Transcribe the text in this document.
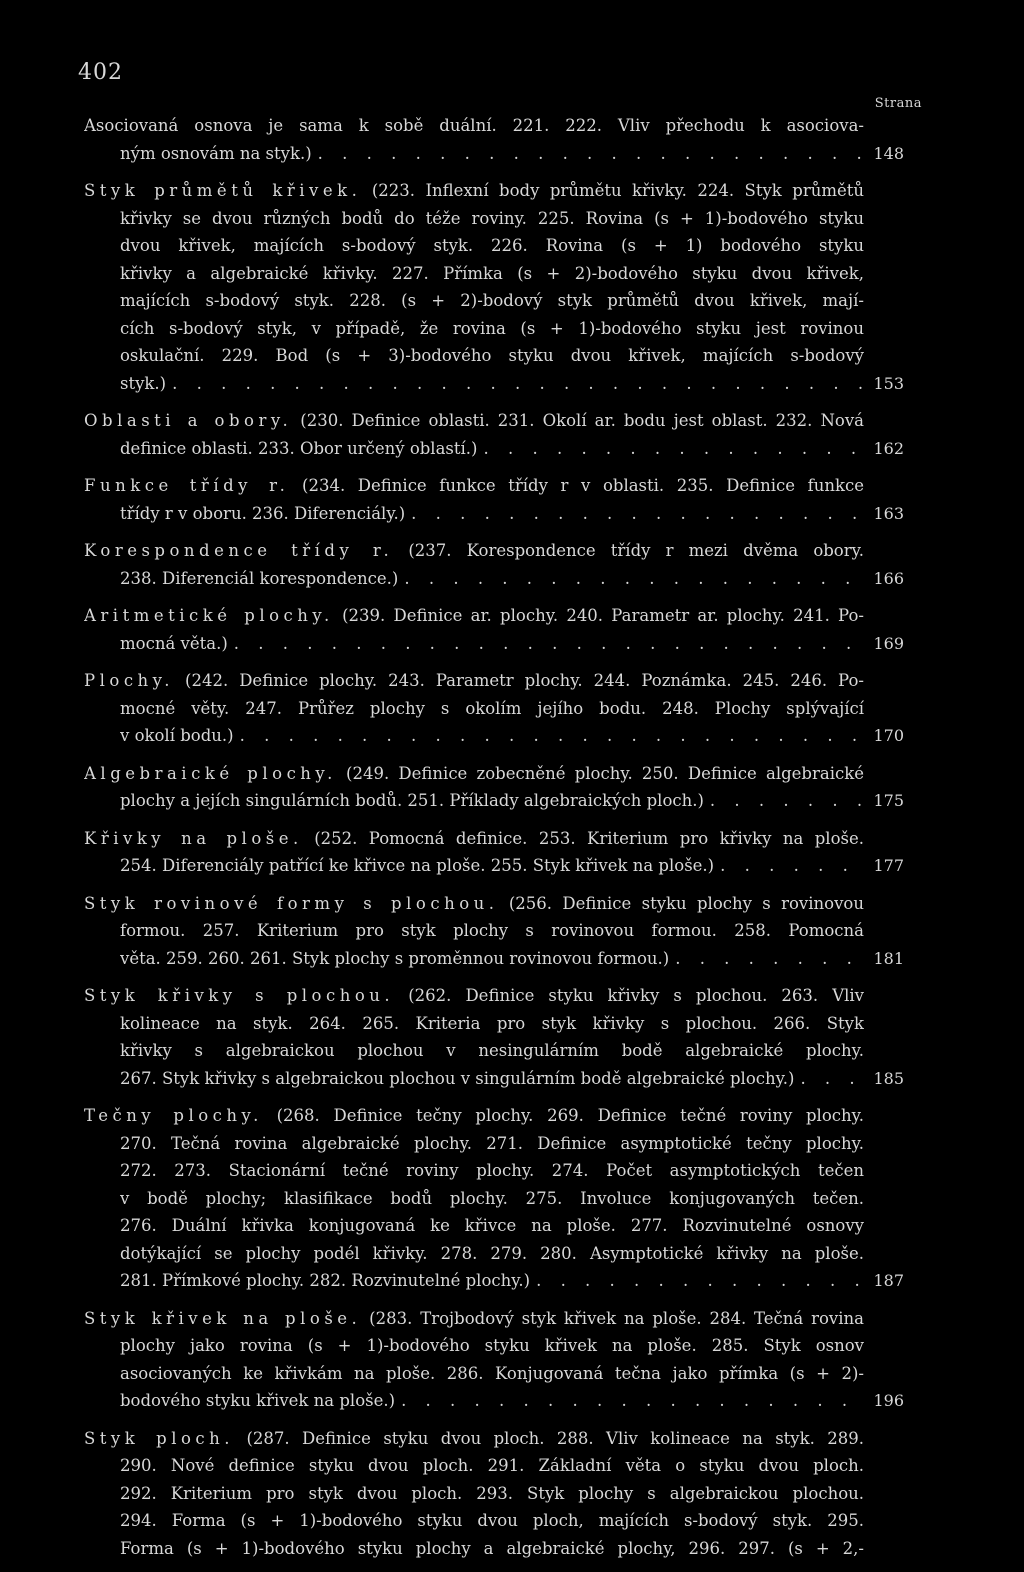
402
Strana
Asociovaná osnova je sama k sobě duální. 221. 222. Vliv přechodu k asociova-
ným osnovám na styk.) . . .	148
Styk průmětů křivek. (223. Inflexní body průmětu křivky. 224. Styk průmětů
křivky se dvou různých bodů do téže roviny. 225. Rovina (s + 1)-bodového styku
dvou křivek, majících s-bodový styk. 226. Rovina (s + 1) bodového styku
křivky a algebraické křivky. 227. Přímka (s + 2)-bodového styku dvou křivek,
majících s-bodový styk. 228. (s + 2)-bodový styk průmětů dvou křivek, mají-
cích s-bodový styk, v případě, že rovina (s + 1)-bodového styku jest rovinou
oskulační. 229. Bod (s + 3)-bodového styku dvou křivek, majících s-bodový
styk.) . . .	153
Oblasti a obory. (230. Definice oblasti. 231. Okolí ar. bodu jest oblast. 232. Nová
definice oblasti. 233. Obor určený oblastí.) . . .	162
Funkce třídy r. (234. Definice funkce třídy r v oblasti. 235. Definice funkce
třídy r v oboru. 236. Diferenciály.) . . .	163
Korespondence třídy r. (237. Korespondence třídy r mezi dvěma obory.
238. Diferenciál korespondence.) . . .	166
Aritmetické plochy. (239. Definice ar. plochy. 240. Parametr ar. plochy. 241. Po-
mocná věta.) . . .	169
Plochy. (242. Definice plochy. 243. Parametr plochy. 244. Poznámka. 245. 246. Po-
mocné věty. 247. Průřez plochy s okolím jejího bodu. 248. Plochy splývající
v okolí bodu.) . . .	170
Algebraické plochy. (249. Definice zobecněné plochy. 250. Definice algebraické
plochy a jejích singulárních bodů. 251. Příklady algebraických ploch.) . . .	175
Křivky na ploše. (252. Pomocná definice. 253. Kriterium pro křivky na ploše.
254. Diferenciály patřící ke křivce na ploše. 255. Styk křivek na ploše.) . . .	177
Styk rovinové formy s plochou. (256. Definice styku plochy s rovinovou
formou. 257. Kriterium pro styk plochy s rovinovou formou. 258. Pomocná
věta. 259. 260. 261. Styk plochy s proměnnou rovinovou formou.) . . .	181
Styk křivky s plochou. (262. Definice styku křivky s plochou. 263. Vliv
kolineace na styk. 264. 265. Kriteria pro styk křivky s plochou. 266. Styk
křivky s algebraickou plochou v nesingulárním bodě algebraické plochy.
267. Styk křivky s algebraickou plochou v singulárním bodě algebraické plochy.) . . .	185
Tečny plochy. (268. Definice tečny plochy. 269. Definice tečné roviny plochy.
270. Tečná rovina algebraické plochy. 271. Definice asymptotické tečny plochy.
272. 273. Stacionární tečné roviny plochy. 274. Počet asymptotických tečen
v bodě plochy; klasifikace bodů plochy. 275. Involuce konjugovaných tečen.
276. Duální křivka konjugovaná ke křivce na ploše. 277. Rozvinutelné osnovy
dotýkající se plochy podél křivky. 278. 279. 280. Asymptotické křivky na ploše.
281. Přímkové plochy. 282. Rozvinutelné plochy.) . . .	187
Styk křivek na ploše. (283. Trojbodový styk křivek na ploše. 284. Tečná rovina
plochy jako rovina (s + 1)-bodového styku křivek na ploše. 285. Styk osnov
asociovaných ke křivkám na ploše. 286. Konjugovaná tečna jako přímka (s + 2)-
bodového styku křivek na ploše.) . . .	196
Styk ploch. (287. Definice styku dvou ploch. 288. Vliv kolineace na styk. 289.
290. Nové definice styku dvou ploch. 291. Základní věta o styku dvou ploch.
292. Kriterium pro styk dvou ploch. 293. Styk plochy s algebraickou plochou.
294. Forma (s + 1)-bodového styku dvou ploch, majících s-bodový styk. 295.
Forma (s + 1)-bodového styku plochy a algebraické plochy, 296. 297. (s + 2,-
